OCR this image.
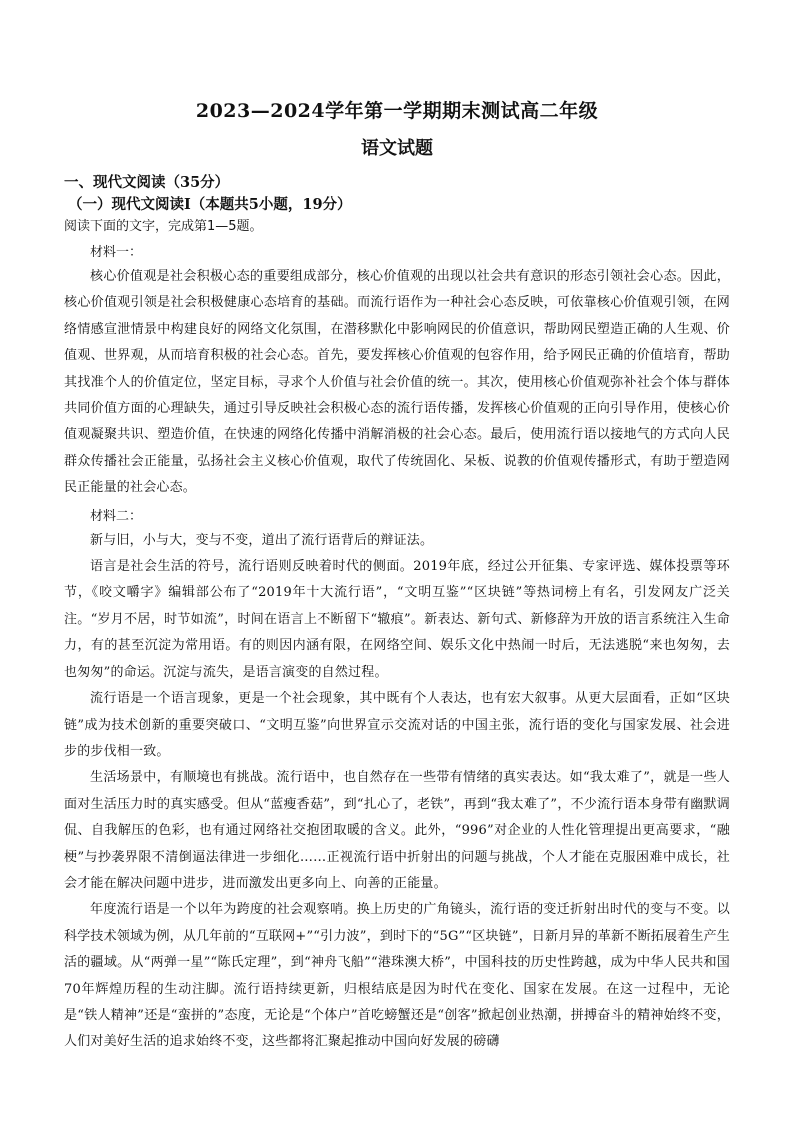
2023—2024学年第一学期期末测试高二年级
语文试题
一、现代文阅读（35分）
（一）现代文阅读Ⅰ（本题共5小题，19分）
阅读下面的文字，完成第1—5题。
材料一：

核心价值观是社会积极心态的重要组成部分，核心价值观的出现以社会共有意识的形态引领社会心态。因此，核心价值观引领是社会积极健康心态培育的基础。而流行语作为一种社会心态反映，可依靠核心价值观引领，在网络情感宣泄情景中构建良好的网络文化氛围，在潜移默化中影响网民的价值意识，帮助网民塑造正确的人生观、价值观、世界观，从而培育积极的社会心态。首先，要发挥核心价值观的包容作用，给予网民正确的价值培育，帮助其找准个人的价值定位，坚定目标，寻求个人价值与社会价值的统一。其次，使用核心价值观弥补社会个体与群体共同价值方面的心理缺失，通过引导反映社会积极心态的流行语传播，发挥核心价值观的正向引导作用，使核心价值观凝聚共识、塑造价值，在快速的网络化传播中消解消极的社会心态。最后，使用流行语以接地气的方式向人民群众传播社会正能量，弘扬社会主义核心价值观，取代了传统固化、呆板、说教的价值观传播形式，有助于塑造网民正能量的社会心态。

材料二：

新与旧，小与大，变与不变，道出了流行语背后的辩证法。

语言是社会生活的符号，流行语则反映着时代的侧面。2019年底，经过公开征集、专家评选、媒体投票等环节，《咬文嚼字》编辑部公布了“2019年十大流行语”，“文明互鉴”“区块链”等热词榜上有名，引发网友广泛关注。“岁月不居，时节如流”，时间在语言上不断留下“辙痕”。新表达、新句式、新修辞为开放的语言系统注入生命力，有的甚至沉淀为常用语。有的则因内涵有限，在网络空间、娱乐文化中热闹一时后，无法逃脱“来也匆匆，去也匆匆”的命运。沉淀与流失，是语言演变的自然过程。

流行语是一个语言现象，更是一个社会现象，其中既有个人表达，也有宏大叙事。从更大层面看，正如“区块链”成为技术创新的重要突破口、“文明互鉴”向世界宣示交流对话的中国主张，流行语的变化与国家发展、社会进步的步伐相一致。

生活场景中，有顺境也有挑战。流行语中，也自然存在一些带有情绪的真实表达。如“我太难了”，就是一些人面对生活压力时的真实感受。但从“蓝瘦香菇”，到“扎心了，老铁”，再到“我太难了”，不少流行语本身带有幽默调侃、自我解压的色彩，也有通过网络社交抱团取暖的含义。此外，“996”对企业的人性化管理提出更高要求，“融梗”与抄袭界限不清倒逼法律进一步细化……正视流行语中折射出的问题与挑战，个人才能在克服困难中成长，社会才能在解决问题中进步，进而激发出更多向上、向善的正能量。

年度流行语是一个以年为跨度的社会观察哨。换上历史的广角镜头，流行语的变迁折射出时代的变与不变。以科学技术领域为例，从几年前的“互联网+”“引力波”，到时下的“5G”“区块链”，日新月异的革新不断拓展着生产生活的疆域。从“两弹一星”“陈氏定理”，到“神舟飞船”“港珠澳大桥”，中国科技的历史性跨越，成为中华人民共和国70年辉煌历程的生动注脚。流行语持续更新，归根结底是因为时代在变化、国家在发展。在这一过程中，无论是“铁人精神”还是“蛮拼的”态度，无论是“个体户”首吃螃蟹还是“创客”掀起创业热潮，拼搏奋斗的精神始终不变，人们对美好生活的追求始终不变，这些都将汇聚起推动中国向好发展的磅礴
